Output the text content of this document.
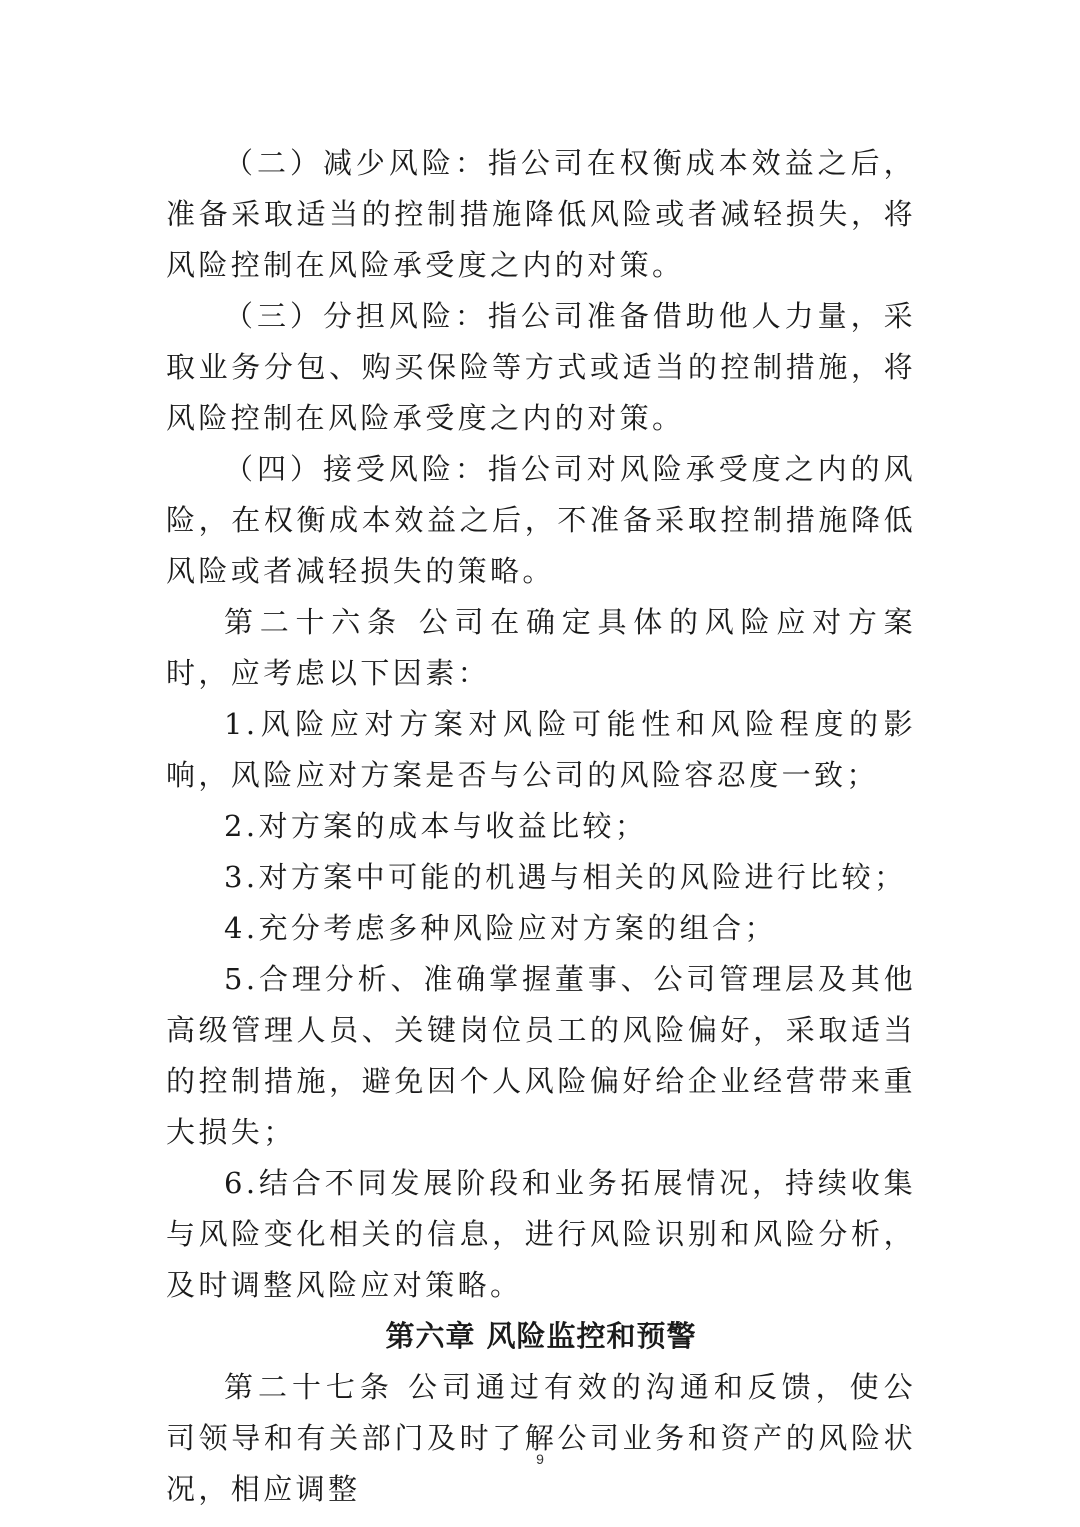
（二）减少风险：指公司在权衡成本效益之后，准备采取适当的控制措施降低风险或者减轻损失，将风险控制在风险承受度之内的对策。

（三）分担风险：指公司准备借助他人力量，采取业务分包、购买保险等方式或适当的控制措施，将风险控制在风险承受度之内的对策。

（四）接受风险：指公司对风险承受度之内的风险，在权衡成本效益之后，不准备采取控制措施降低风险或者减轻损失的策略。

第二十六条 公司在确定具体的风险应对方案时，应考虑以下因素：

1.风险应对方案对风险可能性和风险程度的影响，风险应对方案是否与公司的风险容忍度一致；

2.对方案的成本与收益比较；

3.对方案中可能的机遇与相关的风险进行比较；

4.充分考虑多种风险应对方案的组合；

5.合理分析、准确掌握董事、公司管理层及其他高级管理人员、关键岗位员工的风险偏好，采取适当的控制措施，避免因个人风险偏好给企业经营带来重大损失；

6.结合不同发展阶段和业务拓展情况，持续收集与风险变化相关的信息，进行风险识别和风险分析，及时调整风险应对策略。

第六章 风险监控和预警

第二十七条 公司通过有效的沟通和反馈，使公司领导和有关部门及时了解公司业务和资产的风险状况，相应调整

9
